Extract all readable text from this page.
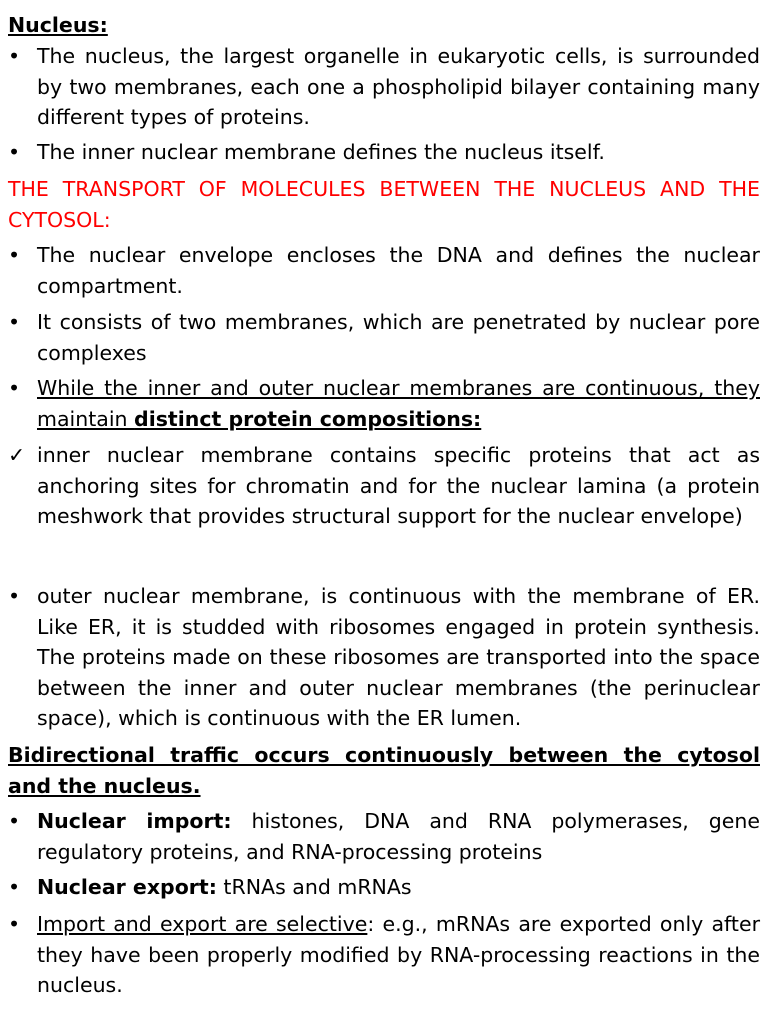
Nucleus:

•
The nucleus, the largest organelle in eukaryotic cells, is surrounded by two membranes, each one a phospholipid bilayer containing many different types of proteins.
•
The inner nuclear membrane defines the nucleus itself.

THE TRANSPORT OF MOLECULES BETWEEN THE NUCLEUS AND THE CYTOSOL:

•
The nuclear envelope encloses the DNA and defines the nuclear compartment.
•
It consists of two membranes, which are penetrated by nuclear pore complexes
•
While the inner and outer nuclear membranes are continuous, they maintain distinct protein compositions:
✓
inner nuclear membrane contains specific proteins that act as anchoring sites for chromatin and for the nuclear lamina (a protein meshwork that provides structural support for the nuclear envelope)
•
outer nuclear membrane, is continuous with the membrane of ER. Like ER, it is studded with ribosomes engaged in protein synthesis. The proteins made on these ribosomes are transported into the space between the inner and outer nuclear membranes (the perinuclear space), which is continuous with the ER lumen.

Bidirectional traffic occurs continuously between the cytosol and the nucleus.

•
Nuclear import: histones, DNA and RNA polymerases, gene regulatory proteins, and RNA-processing proteins
•
Nuclear export: tRNAs and mRNAs
•
Import and export are selective: e.g., mRNAs are exported only after they have been properly modified by RNA-processing reactions in the nucleus.
